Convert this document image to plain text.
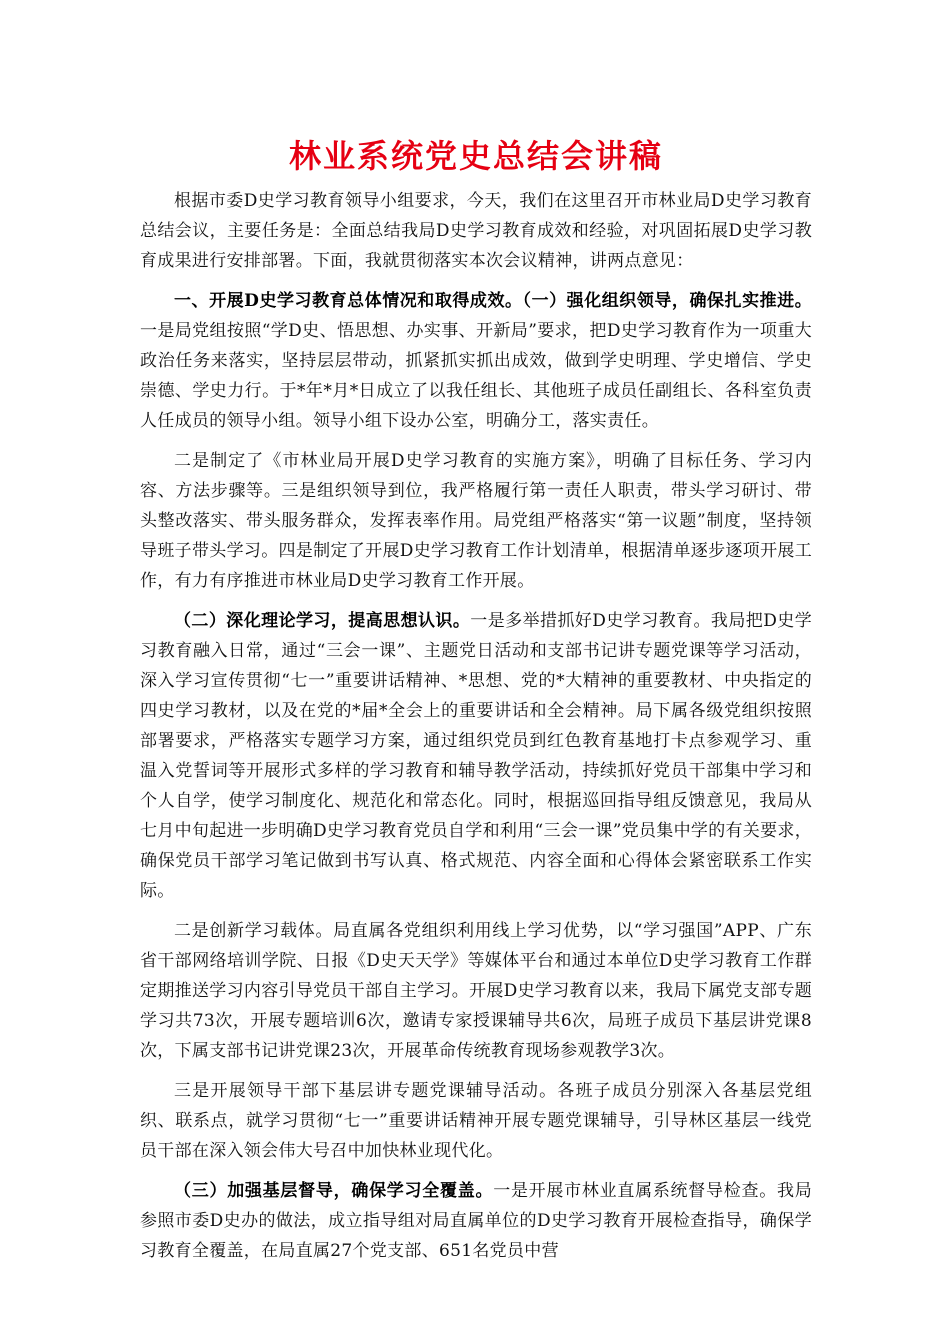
林业系统党史总结会讲稿

根据市委D史学习教育领导小组要求，今天，我们在这里召开市林业局D史学习教育总结会议，主要任务是：全面总结我局D史学习教育成效和经验，对巩固拓展D史学习教育成果进行安排部署。下面，我就贯彻落实本次会议精神，讲两点意见：

一、开展D史学习教育总体情况和取得成效。（一）强化组织领导，确保扎实推进。一是局党组按照“学D史、悟思想、办实事、开新局”要求，把D史学习教育作为一项重大政治任务来落实，坚持层层带动，抓紧抓实抓出成效，做到学史明理、学史增信、学史崇德、学史力行。于*年*月*日成立了以我任组长、其他班子成员任副组长、各科室负责人任成员的领导小组。领导小组下设办公室，明确分工，落实责任。

二是制定了《市林业局开展D史学习教育的实施方案》，明确了目标任务、学习内容、方法步骤等。三是组织领导到位，我严格履行第一责任人职责，带头学习研讨、带头整改落实、带头服务群众，发挥表率作用。局党组严格落实“第一议题”制度，坚持领导班子带头学习。四是制定了开展D史学习教育工作计划清单，根据清单逐步逐项开展工作，有力有序推进市林业局D史学习教育工作开展。

（二）深化理论学习，提高思想认识。一是多举措抓好D史学习教育。我局把D史学习教育融入日常，通过“三会一课”、主题党日活动和支部书记讲专题党课等学习活动，深入学习宣传贯彻“七一”重要讲话精神、*思想、党的*大精神的重要教材、中央指定的四史学习教材，以及在党的*届*全会上的重要讲话和全会精神。局下属各级党组织按照部署要求，严格落实专题学习方案，通过组织党员到红色教育基地打卡点参观学习、重温入党誓词等开展形式多样的学习教育和辅导教学活动，持续抓好党员干部集中学习和个人自学，使学习制度化、规范化和常态化。同时，根据巡回指导组反馈意见，我局从七月中旬起进一步明确D史学习教育党员自学和利用“三会一课”党员集中学的有关要求，确保党员干部学习笔记做到书写认真、格式规范、内容全面和心得体会紧密联系工作实际。

二是创新学习载体。局直属各党组织利用线上学习优势，以“学习强国”APP、广东省干部网络培训学院、日报《D史天天学》等媒体平台和通过本单位D史学习教育工作群定期推送学习内容引导党员干部自主学习。开展D史学习教育以来，我局下属党支部专题学习共73次，开展专题培训6次，邀请专家授课辅导共6次，局班子成员下基层讲党课8次，下属支部书记讲党课23次，开展革命传统教育现场参观教学3次。

三是开展领导干部下基层讲专题党课辅导活动。各班子成员分别深入各基层党组织、联系点，就学习贯彻“七一”重要讲话精神开展专题党课辅导，引导林区基层一线党员干部在深入领会伟大号召中加快林业现代化。

（三）加强基层督导，确保学习全覆盖。一是开展市林业直属系统督导检查。我局参照市委D史办的做法，成立指导组对局直属单位的D史学习教育开展检查指导，确保学习教育全覆盖，在局直属27个党支部、651名党员中营
